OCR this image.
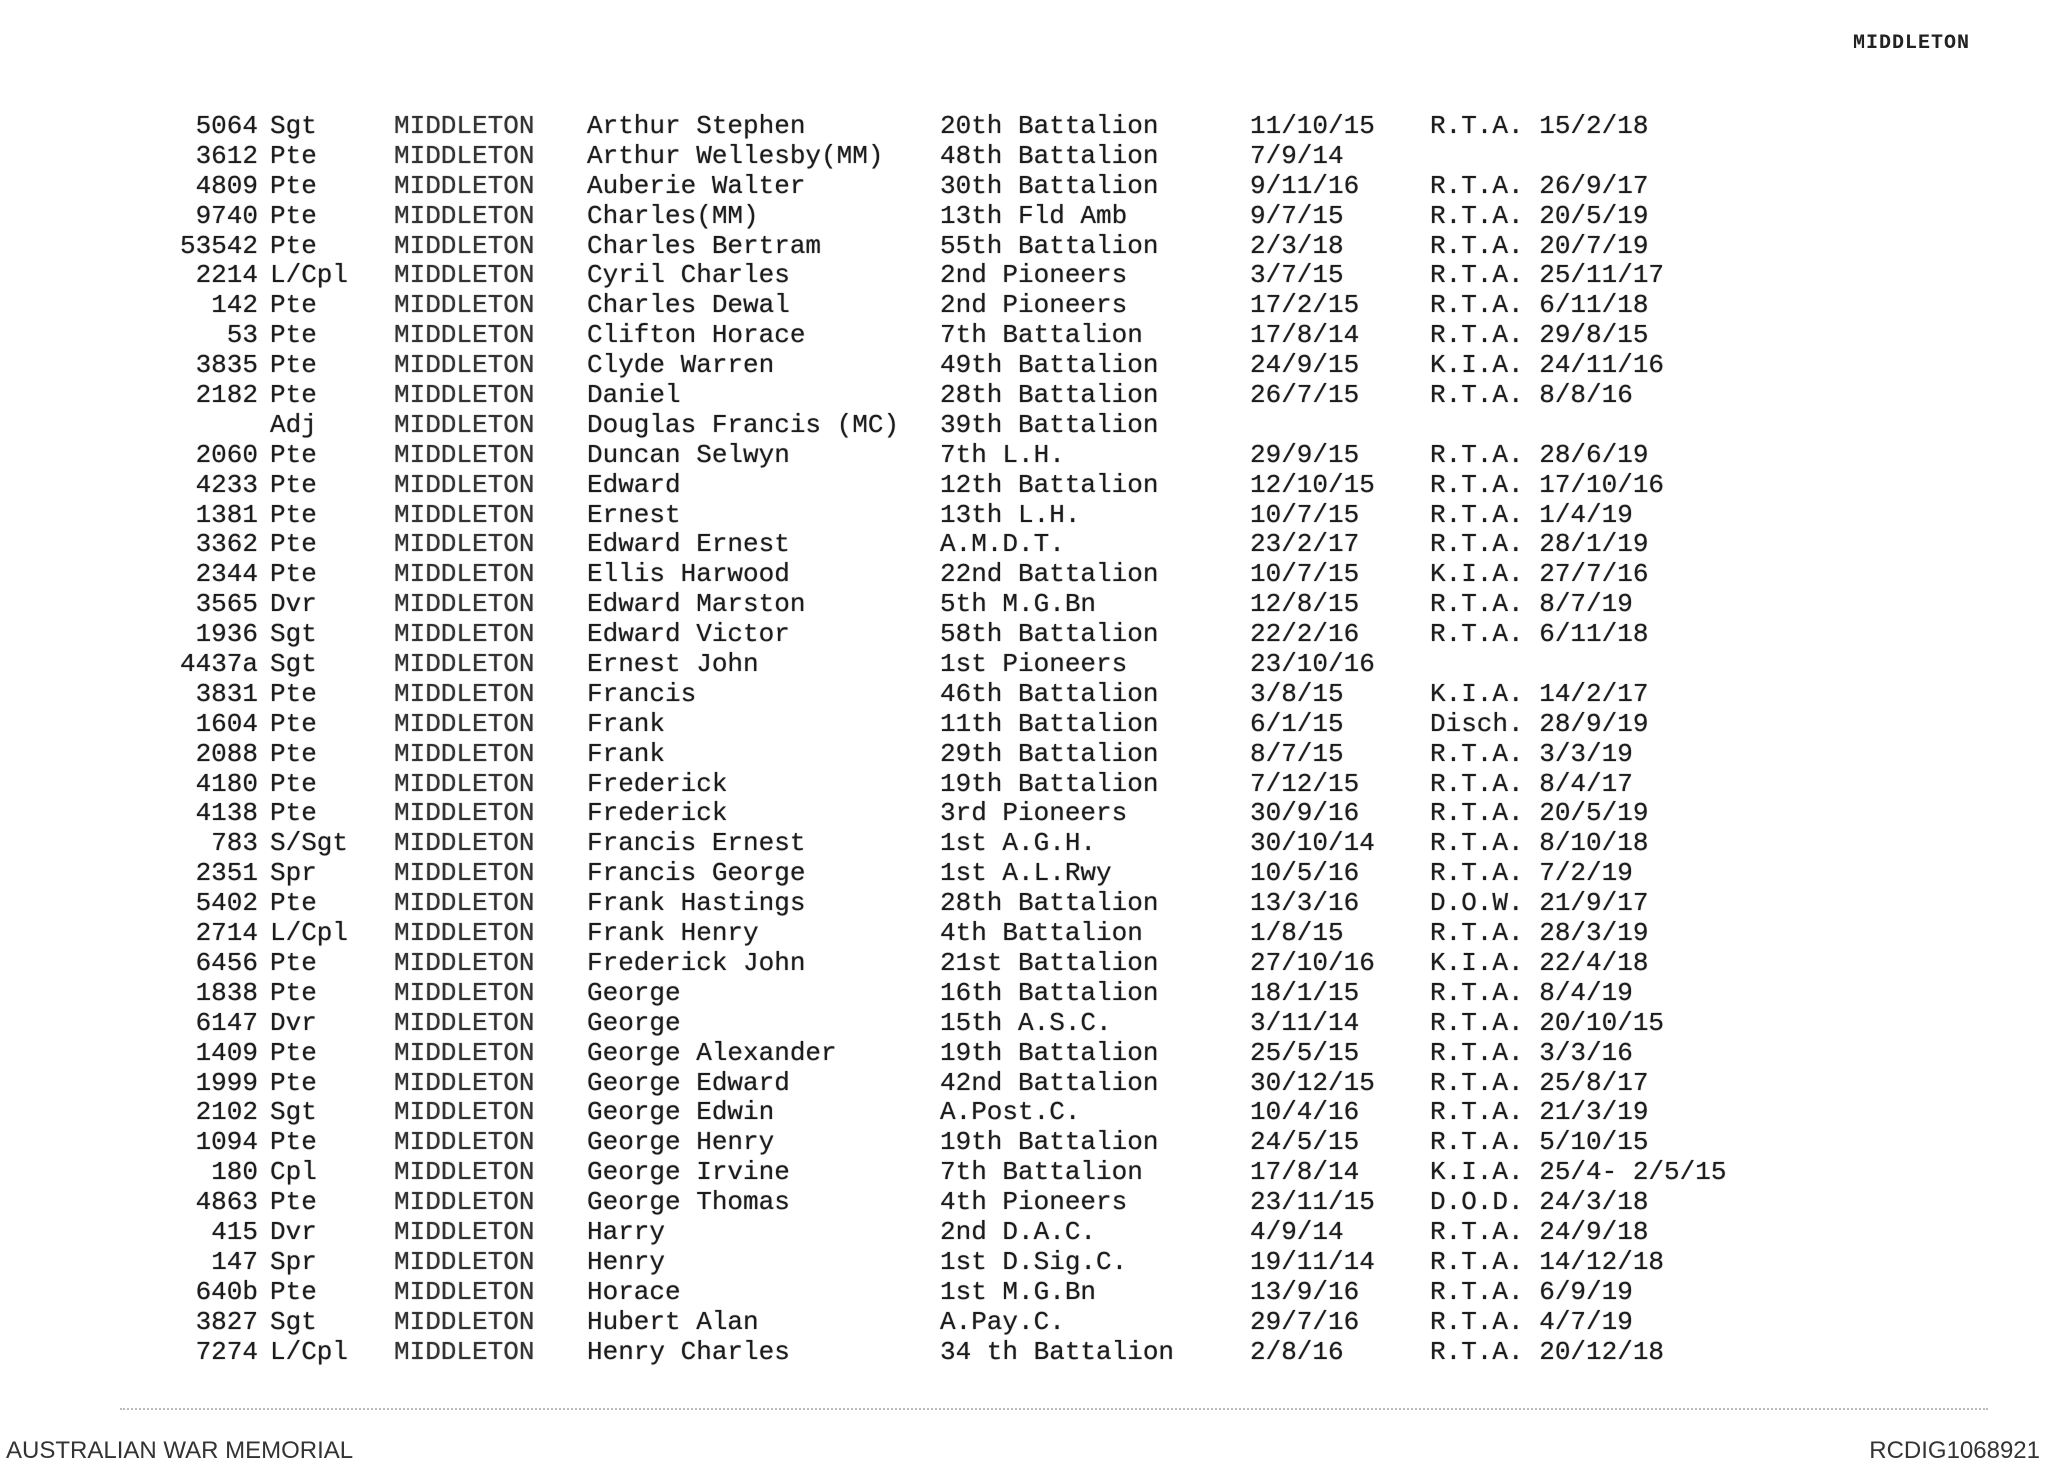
MIDDLETON
5064 Sgt	MIDDLETON Arthur Stephen	20th Battalion	11/10/15 R.T.A. 15/2/18
3612 Pte	MIDDLETON Arthur Wellesby(MM) 48th Battalion	7/9/14
4809 Pte	MIDDLETON Auberie Walter	30th Battalion	9/11/16	R.T.A. 26/9/17
9740 Pte	MIDDLETON Charles(MM)	13th Fld Amb	9/7/15	R.T.A. 20/5/19
53542 Pte	MIDDLETON Charles Bertram	55th Battalion	2/3/18	R.T.A. 20/7/19
2214 L/Cpl MIDDLETON Cyril Charles	2nd Pioneers	3/7/15	R.T.A. 25/11/17
142 Pte	MIDDLETON Charles Dewal	2nd Pioneers	17/2/15	R.T.A. 6/11/18
53 Pte	MIDDLETON Clifton Horace	7th Battalion	17/8/14	R.T.A. 29/8/15
3835 Pte	MIDDLETON Clyde Warren	49th Battalion	24/9/15	K.I.A. 24/11/16
2182 Pte	MIDDLETON Daniel	28th Battalion	26/7/15	R.T.A. 8/8/16
Adj	MIDDLETON Douglas Francis (MC) 39th Battalion
2060 Pte	MIDDLETON Duncan Selwyn	7th L.H.	29/9/15	R.T.A. 28/6/19
4233 Pte	MIDDLETON Edward	12th Battalion	12/10/15 R.T.A. 17/10/16
1381 Pte	MIDDLETON Ernest	13th L.H.	10/7/15	R.T.A. 1/4/19
3362 Pte	MIDDLETON Edward Ernest	A.M.D.T.	23/2/17	R.T.A. 28/1/19
2344 Pte	MIDDLETON Ellis Harwood	22nd Battalion	10/7/15	K.I.A. 27/7/16
3565 Dvr	MIDDLETON Edward Marston	5th M.G.Bn	12/8/15	R.T.A. 8/7/19
1936 Sgt	MIDDLETON Edward Victor	58th Battalion	22/2/16	R.T.A. 6/11/18
4437a Sgt	MIDDLETON Ernest John	1st Pioneers	23/10/16
3831 Pte	MIDDLETON Francis	46th Battalion	3/8/15	K.I.A. 14/2/17
1604 Pte	MIDDLETON Frank	11th Battalion	6/1/15	Disch. 28/9/19
2088 Pte	MIDDLETON Frank	29th Battalion	8/7/15	R.T.A. 3/3/19
4180 Pte	MIDDLETON Frederick	19th Battalion	7/12/15	R.T.A. 8/4/17
4138 Pte	MIDDLETON Frederick	3rd Pioneers	30/9/16	R.T.A. 20/5/19
783 S/Sgt MIDDLETON Francis Ernest	1st A.G.H.	30/10/14 R.T.A. 8/10/18
2351 Spr	MIDDLETON Francis George	1st A.L.Rwy	10/5/16	R.T.A. 7/2/19
5402 Pte	MIDDLETON Frank Hastings	28th Battalion	13/3/16	D.O.W. 21/9/17
2714 L/Cpl MIDDLETON Frank Henry	4th Battalion	1/8/15	R.T.A. 28/3/19
6456 Pte	MIDDLETON Frederick John	21st Battalion	27/10/16 K.I.A. 22/4/18
1838 Pte	MIDDLETON George	16th Battalion	18/1/15	R.T.A. 8/4/19
6147 Dvr	MIDDLETON George	15th A.S.C.	3/11/14	R.T.A. 20/10/15
1409 Pte	MIDDLETON George Alexander	19th Battalion	25/5/15	R.T.A. 3/3/16
1999 Pte	MIDDLETON George Edward	42nd Battalion	30/12/15 R.T.A. 25/8/17
2102 Sgt	MIDDLETON George Edwin	A.Post.C.	10/4/16	R.T.A. 21/3/19
1094 Pte	MIDDLETON George Henry	19th Battalion	24/5/15	R.T.A. 5/10/15
180 Cpl	MIDDLETON George Irvine	7th Battalion	17/8/14	K.I.A. 25/4- 2/5/15
4863 Pte	MIDDLETON George Thomas	4th Pioneers	23/11/15 D.O.D. 24/3/18
415 Dvr	MIDDLETON Harry	2nd D.A.C.	4/9/14	R.T.A. 24/9/18
147 Spr	MIDDLETON Henry	1st D.Sig.C.	19/11/14 R.T.A. 14/12/18
640b Pte	MIDDLETON Horace	1st M.G.Bn	13/9/16	R.T.A. 6/9/19
3827 Sgt	MIDDLETON Hubert Alan	A.Pay.C.	29/7/16	R.T.A. 4/7/19
7274 L/Cpl MIDDLETON Henry Charles	34 th Battalion	2/8/16	R.T.A. 20/12/18
AUSTRALIAN WAR MEMORIAL	RCDIG1068921
